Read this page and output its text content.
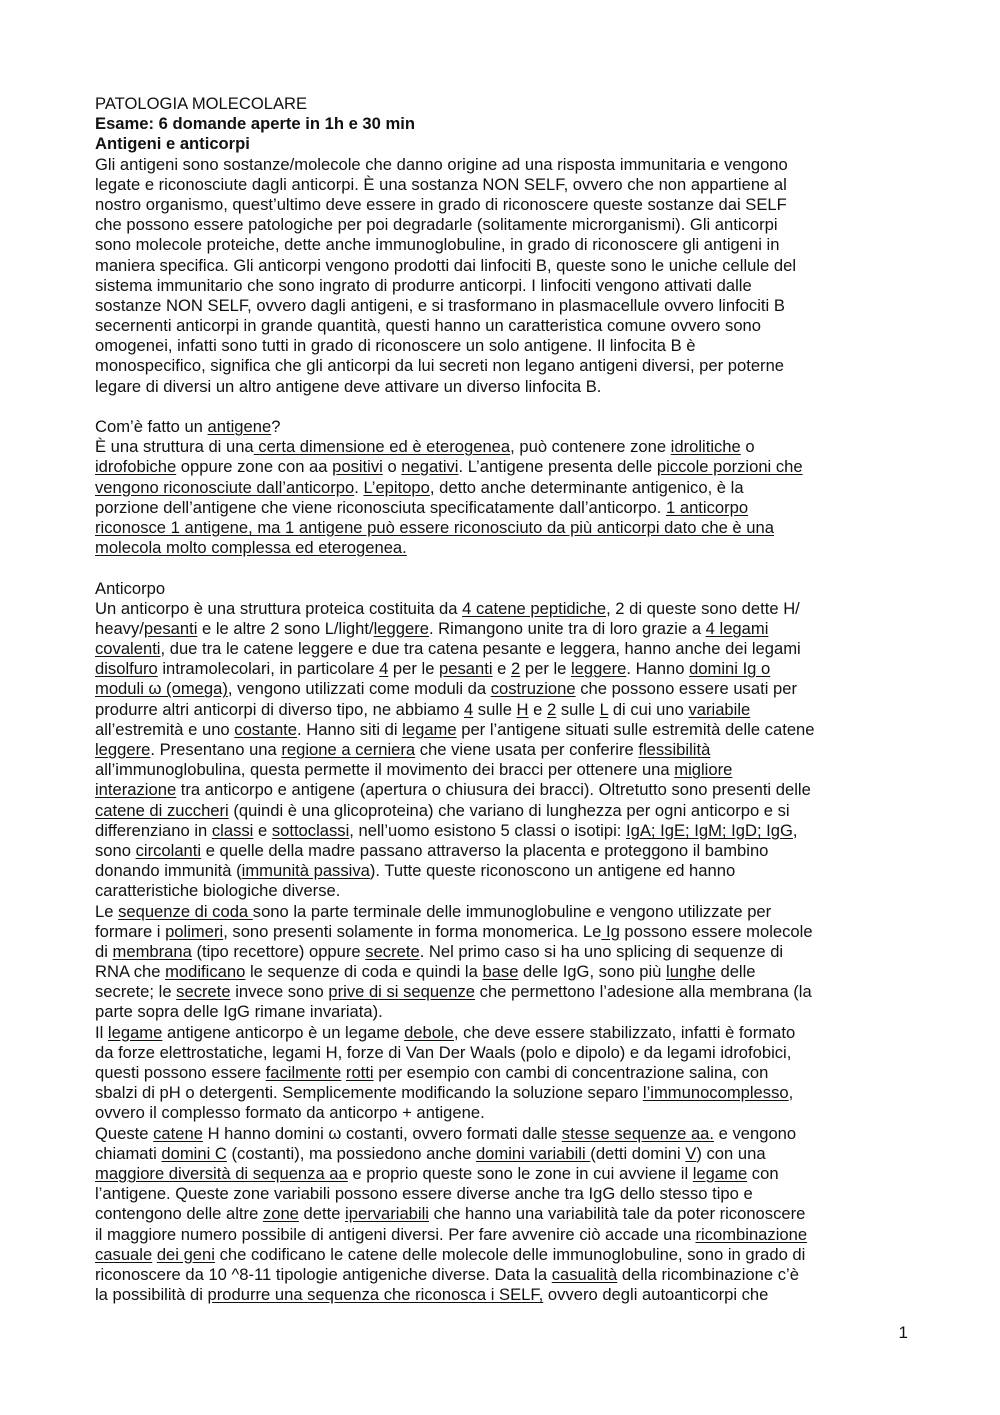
PATOLOGIA MOLECOLARE
Esame: 6 domande aperte in 1h e 30 min
Antigeni e anticorpi
Gli antigeni sono sostanze/molecole che danno origine ad una risposta immunitaria e vengono
legate e riconosciute dagli anticorpi. È una sostanza NON SELF, ovvero che non appartiene al
nostro organismo, quest’ultimo deve essere in grado di riconoscere queste sostanze dai SELF
che possono essere patologiche per poi degradarle (solitamente microrganismi). Gli anticorpi
sono molecole proteiche, dette anche immunoglobuline, in grado di riconoscere gli antigeni in
maniera specifica. Gli anticorpi vengono prodotti dai linfociti B, queste sono le uniche cellule del
sistema immunitario che sono ingrato di produrre anticorpi. I linfociti vengono attivati dalle
sostanze NON SELF, ovvero dagli antigeni, e si trasformano in plasmacellule ovvero linfociti B
secernenti anticorpi in grande quantità, questi hanno un caratteristica comune ovvero sono
omogenei, infatti sono tutti in grado di riconoscere un solo antigene. Il linfocita B è
monospecifico, significa che gli anticorpi da lui secreti non legano antigeni diversi, per poterne
legare di diversi un altro antigene deve attivare un diverso linfocita B.
Com’è fatto un antigene?
È una struttura di una certa dimensione ed è eterogenea, può contenere zone idrolitiche o
idrofobiche oppure zone con aa positivi o negativi. L’antigene presenta delle piccole porzioni che
vengono riconosciute dall’anticorpo. L’epitopo, detto anche determinante antigenico, è la
porzione dell’antigene che viene riconosciuta specificatamente dall’anticorpo. 1 anticorpo
riconosce 1 antigene, ma 1 antigene può essere riconosciuto da più anticorpi dato che è una
molecola molto complessa ed eterogenea.
Anticorpo
Un anticorpo è una struttura proteica costituita da 4 catene peptidiche, 2 di queste sono dette H/
heavy/pesanti e le altre 2 sono L/light/leggere. Rimangono unite tra di loro grazie a 4 legami
covalenti, due tra le catene leggere e due tra catena pesante e leggera, hanno anche dei legami
disolfuro intramolecolari, in particolare 4 per le pesanti e 2 per le leggere. Hanno domini Ig o
moduli ω (omega), vengono utilizzati come moduli da costruzione che possono essere usati per
produrre altri anticorpi di diverso tipo, ne abbiamo 4 sulle H e 2 sulle L di cui uno variabile
all’estremità e uno costante. Hanno siti di legame per l’antigene situati sulle estremità delle catene
leggere. Presentano una regione a cerniera che viene usata per conferire flessibilità
all’immunoglobulina, questa permette il movimento dei bracci per ottenere una migliore
interazione tra anticorpo e antigene (apertura o chiusura dei bracci). Oltretutto sono presenti delle
catene di zuccheri (quindi è una glicoproteina) che variano di lunghezza per ogni anticorpo e si
differenziano in classi e sottoclassi, nell’uomo esistono 5 classi o isotipi: IgA; IgE; IgM; IgD; IgG,
sono circolanti e quelle della madre passano attraverso la placenta e proteggono il bambino
donando immunità (immunità passiva). Tutte queste riconoscono un antigene ed hanno
caratteristiche biologiche diverse.
Le sequenze di coda sono la parte terminale delle immunoglobuline e vengono utilizzate per
formare i polimeri, sono presenti solamente in forma monomerica. Le Ig possono essere molecole
di membrana (tipo recettore) oppure secrete. Nel primo caso si ha uno splicing di sequenze di
RNA che modificano le sequenze di coda e quindi la base delle IgG, sono più lunghe delle
secrete; le secrete invece sono prive di si sequenze che permettono l’adesione alla membrana (la
parte sopra delle IgG rimane invariata).
Il legame antigene anticorpo è un legame debole, che deve essere stabilizzato, infatti è formato
da forze elettrostatiche, legami H, forze di Van Der Waals (polo e dipolo) e da legami idrofobici,
questi possono essere facilmente rotti per esempio con cambi di concentrazione salina, con
sbalzi di pH o detergenti. Semplicemente modificando la soluzione separo l’immunocomplesso,
ovvero il complesso formato da anticorpo + antigene.
Queste catene H hanno domini ω costanti, ovvero formati dalle stesse sequenze aa. e vengono
chiamati domini C (costanti), ma possiedono anche domini variabili (detti domini V) con una
maggiore diversità di sequenza aa e proprio queste sono le zone in cui avviene il legame con
l’antigene. Queste zone variabili possono essere diverse anche tra IgG dello stesso tipo e
contengono delle altre zone dette ipervariabili che hanno una variabilità tale da poter riconoscere
il maggiore numero possibile di antigeni diversi. Per fare avvenire ciò accade una ricombinazione
casuale dei geni che codificano le catene delle molecole delle immunoglobuline, sono in grado di
riconoscere da 10 ^8-11 tipologie antigeniche diverse. Data la casualità della ricombinazione c’è
la possibilità di produrre una sequenza che riconosca i SELF, ovvero degli autoanticorpi che
1
